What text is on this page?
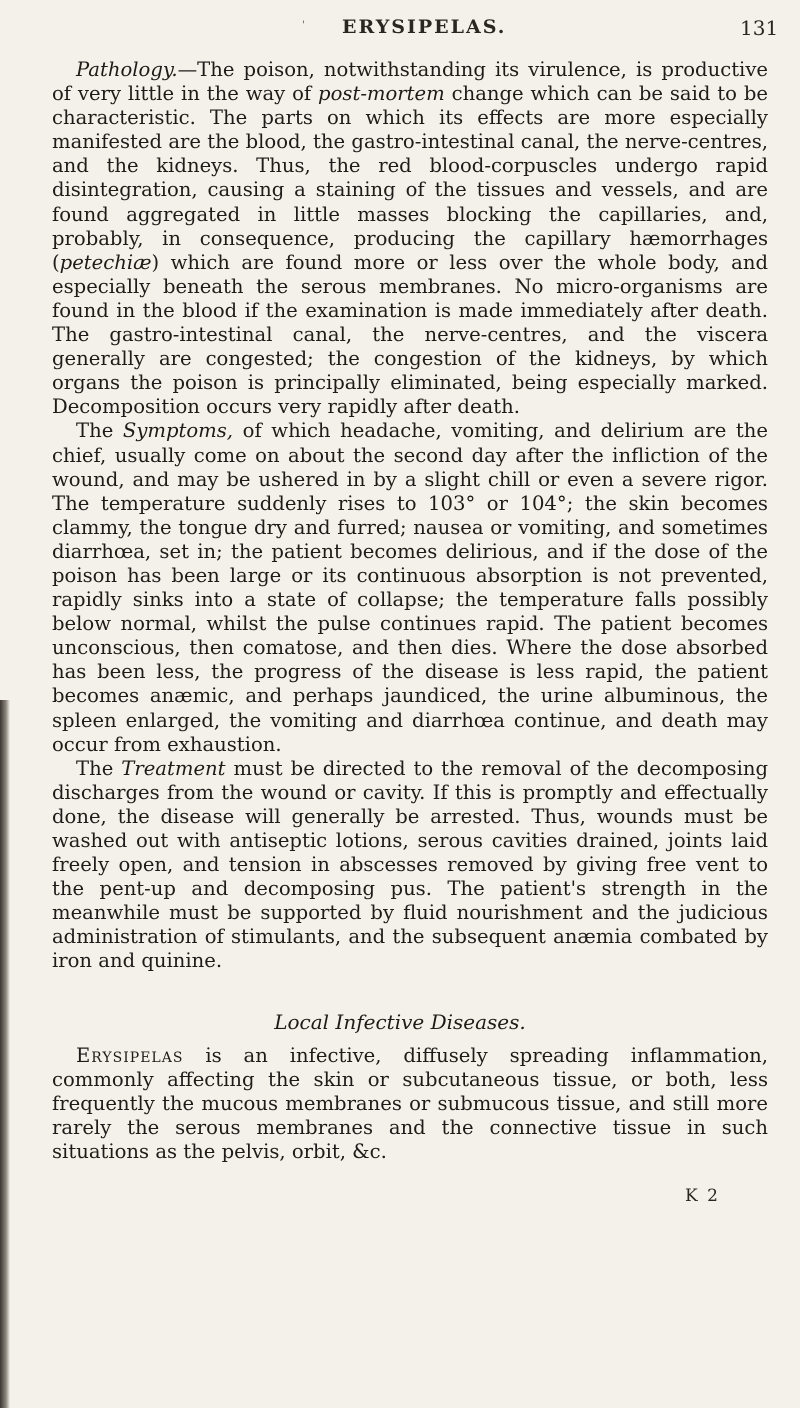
' ERYSIPELAS.	131

Pathology.—The poison, notwithstanding its virulence, is productive of very little in the way of post-mortem change which can be said to be characteristic. The parts on which its effects are more especially manifested are the blood, the gastro-intestinal canal, the nerve-centres, and the kidneys. Thus, the red blood-corpuscles undergo rapid disintegration, causing a staining of the tissues and vessels, and are found aggregated in little masses blocking the capillaries, and, probably, in consequence, producing the capillary hæmorrhages (petechiæ) which are found more or less over the whole body, and especially beneath the serous membranes. No micro-organisms are found in the blood if the examination is made immediately after death. The gastro-intestinal canal, the nerve-centres, and the viscera generally are congested; the congestion of the kidneys, by which organs the poison is principally eliminated, being especially marked. Decomposition occurs very rapidly after death.

The Symptoms, of which headache, vomiting, and delirium are the chief, usually come on about the second day after the infliction of the wound, and may be ushered in by a slight chill or even a severe rigor. The temperature suddenly rises to 103° or 104°; the skin becomes clammy, the tongue dry and furred; nausea or vomiting, and sometimes diarrhœa, set in; the patient becomes delirious, and if the dose of the poison has been large or its continuous absorption is not prevented, rapidly sinks into a state of collapse; the temperature falls possibly below normal, whilst the pulse continues rapid. The patient becomes unconscious, then comatose, and then dies. Where the dose absorbed has been less, the progress of the disease is less rapid, the patient becomes anæmic, and perhaps jaundiced, the urine albuminous, the spleen enlarged, the vomiting and diarrhœa continue, and death may occur from exhaustion.

The Treatment must be directed to the removal of the decomposing discharges from the wound or cavity. If this is promptly and effectually done, the disease will generally be arrested. Thus, wounds must be washed out with antiseptic lotions, serous cavities drained, joints laid freely open, and tension in abscesses removed by giving free vent to the pent-up and decomposing pus. The patient's strength in the meanwhile must be supported by fluid nourishment and the judicious administration of stimulants, and the subsequent anæmia combated by iron and quinine.

Local Infective Diseases.

Erysipelas is an infective, diffusely spreading inflammation, commonly affecting the skin or subcutaneous tissue, or both, less frequently the mucous membranes or submucous tissue, and still more rarely the serous membranes and the connective tissue in such situations as the pelvis, orbit, &c.

K 2
